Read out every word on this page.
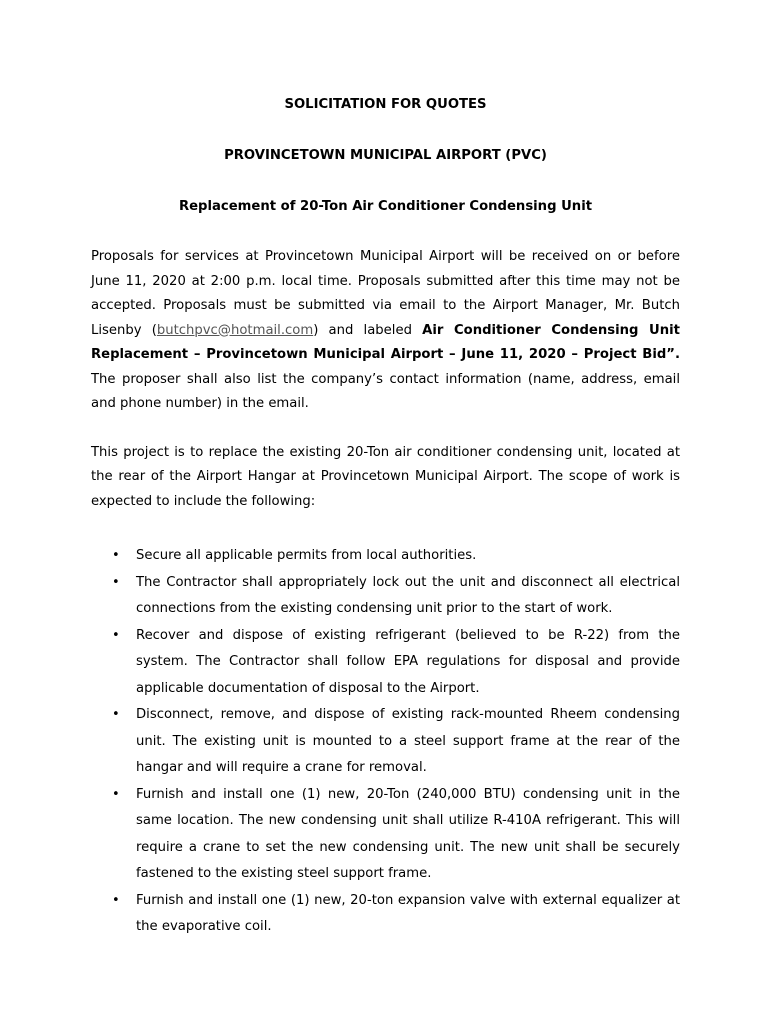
SOLICITATION FOR QUOTES

PROVINCETOWN MUNICIPAL AIRPORT (PVC)

Replacement of 20-Ton Air Conditioner Condensing Unit

Proposals for services at Provincetown Municipal Airport will be received on or before June 11, 2020 at 2:00 p.m. local time. Proposals submitted after this time may not be accepted. Proposals must be submitted via email to the Airport Manager, Mr. Butch Lisenby (butchpvc@hotmail.com) and labeled Air Conditioner Condensing Unit Replacement – Provincetown Municipal Airport – June 11, 2020 – Project Bid”. The proposer shall also list the company’s contact information (name, address, email and phone number) in the email.

This project is to replace the existing 20-Ton air conditioner condensing unit, located at the rear of the Airport Hangar at Provincetown Municipal Airport. The scope of work is expected to include the following:

• Secure all applicable permits from local authorities.
• The Contractor shall appropriately lock out the unit and disconnect all electrical connections from the existing condensing unit prior to the start of work.
• Recover and dispose of existing refrigerant (believed to be R-22) from the system. The Contractor shall follow EPA regulations for disposal and provide applicable documentation of disposal to the Airport.
• Disconnect, remove, and dispose of existing rack-mounted Rheem condensing unit. The existing unit is mounted to a steel support frame at the rear of the hangar and will require a crane for removal.
• Furnish and install one (1) new, 20-Ton (240,000 BTU) condensing unit in the same location. The new condensing unit shall utilize R-410A refrigerant. This will require a crane to set the new condensing unit. The new unit shall be securely fastened to the existing steel support frame.
• Furnish and install one (1) new, 20-ton expansion valve with external equalizer at the evaporative coil.
